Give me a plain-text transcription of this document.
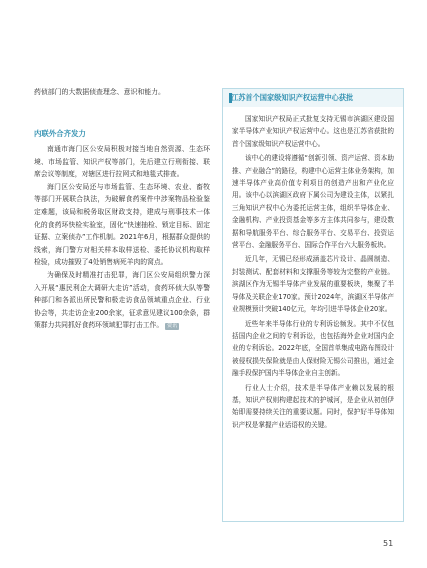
药侦部门的大数据侦查理念、意识和能力。

内联外合齐发力

南通市海门区公安局积极对接当地自然资源、生态环境、市场监管、知识产权等部门，先后建立行刑衔接、联席会议等制度，对辖区进行拉网式和地毯式排查。

海门区公安局还与市场监管、生态环境、农业、畜牧等部门开展联合执法，为破解食药案件中涉案物品检验鉴定难题，该局和税务取区财政支持，建成与刑事技术一体化的食药环快检实验室，固化“快速抽检、锁定目标、固定证据、立案侦办”工作机制。2021年6月，根据群众提供的线索，海门警方对相关样本取样送检、委托协议机构取样检验，成功摧毁了4处销售病死羊肉的窝点。

为确保及时精准打击犯罪，海门区公安局组织警力深入开展“惠民利企大调研大走访”活动，食药环侦大队等警种部门和各派出所民警和极走访食品领域重点企业、行业协会等，共走访企业200余家，征求意见建议100余条，群策群力共同抓好食药环领域犯罪打击工作。 资讯

江苏首个国家级知识产权运营中心获批

国家知识产权局正式批复支持无锡市滨湖区建设国家半导体产业知识产权运营中心。这也是江苏省获批的首个国家级知识产权运营中心。

该中心的建设将遵循“创新引领、资产运营、资本助推、产业融合”的路径，构建中心运营主体业务架构，加速半导体产业高价值专利项目的创造产出和产业化应用。该中心以滨湖区政府下属公司为建设主体，以紧扎三角知识产权中心为委托运营主体，组织半导体企业、金融机构、产业投资基金等多方主体共同参与，建设数据和导航服务平台、综合服务平台、交易平台、投资运营平台、金融服务平台、国际合作平台六大服务板块。

近几年，无锡已经形成涵盖芯片设计、晶圆制造、封装测试、配套材料和支撑服务等较为完整的产业链。滨湖区作为无锡半导体产业发展的重要板块，集聚了半导体及关联企业170家。预计2024年，滨湖区半导体产业规模预计突破140亿元，年均引进半导体企业20家。

近些年来半导体行业的专利诉讼频发。其中不仅包括国内企业之间的专利诉讼，也包括海外企业对国内企业的专利诉讼。2022年底，全国首单集成电路布图设计被侵权损失保险就是由人保财险无锡公司推出，通过金融手段保护国内半导体企业自主创新。

行业人士介绍，技术是半导体产业赖以发展的根基，知识产权则构建起技术的护城河，是企业从初创伊始即需要持续关注的重要议题。同时，保护好半导体知识产权是掌握产业话语权的关键。

51
